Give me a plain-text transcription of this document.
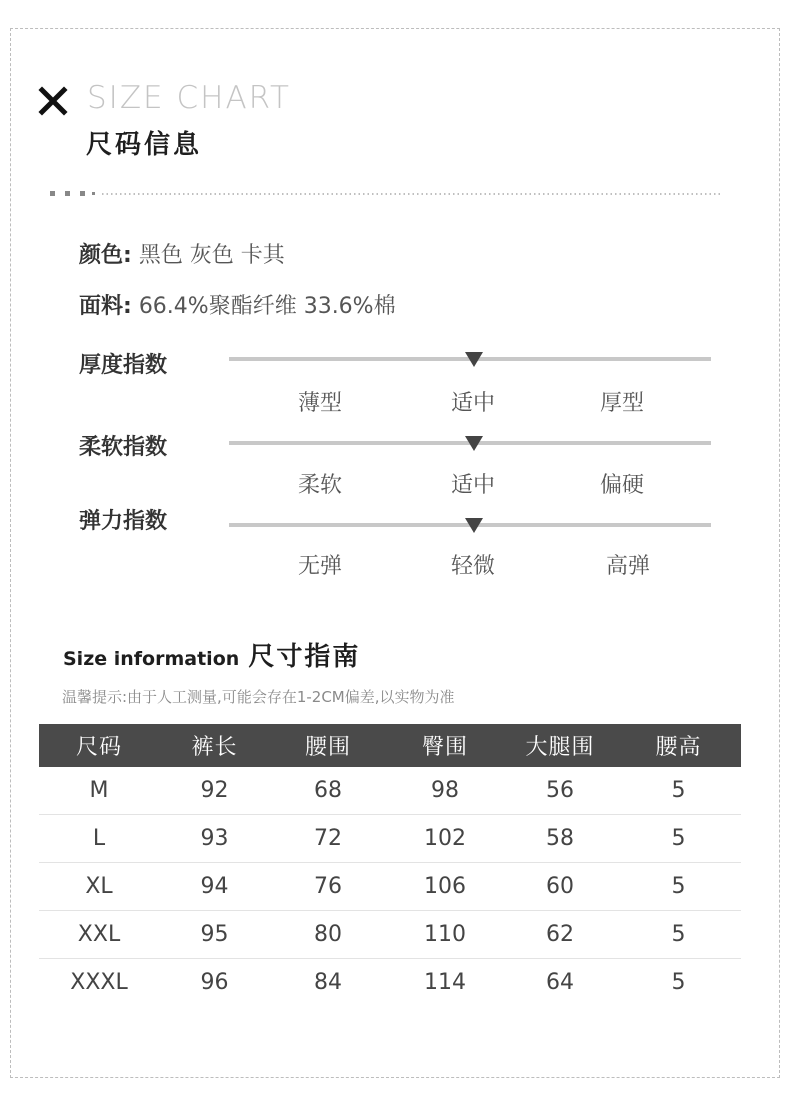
SIZE CHART
尺码信息
颜色: 黑色 灰色 卡其
面料: 66.4%聚酯纤维 33.6%棉
厚度指数
薄型	适中	厚型
柔软指数
柔软	适中	偏硬
弹力指数
无弹	轻微	高弹
Size information 尺寸指南
温馨提示:由于人工测量,可能会存在1-2CM偏差,以实物为准
尺码	裤长	腰围	臀围	大腿围	腰高
M	92	68	98	56	5
L	93	72	102	58	5
XL	94	76	106	60	5
XXL	95	80	110	62	5
XXXL	96	84	114	64	5
